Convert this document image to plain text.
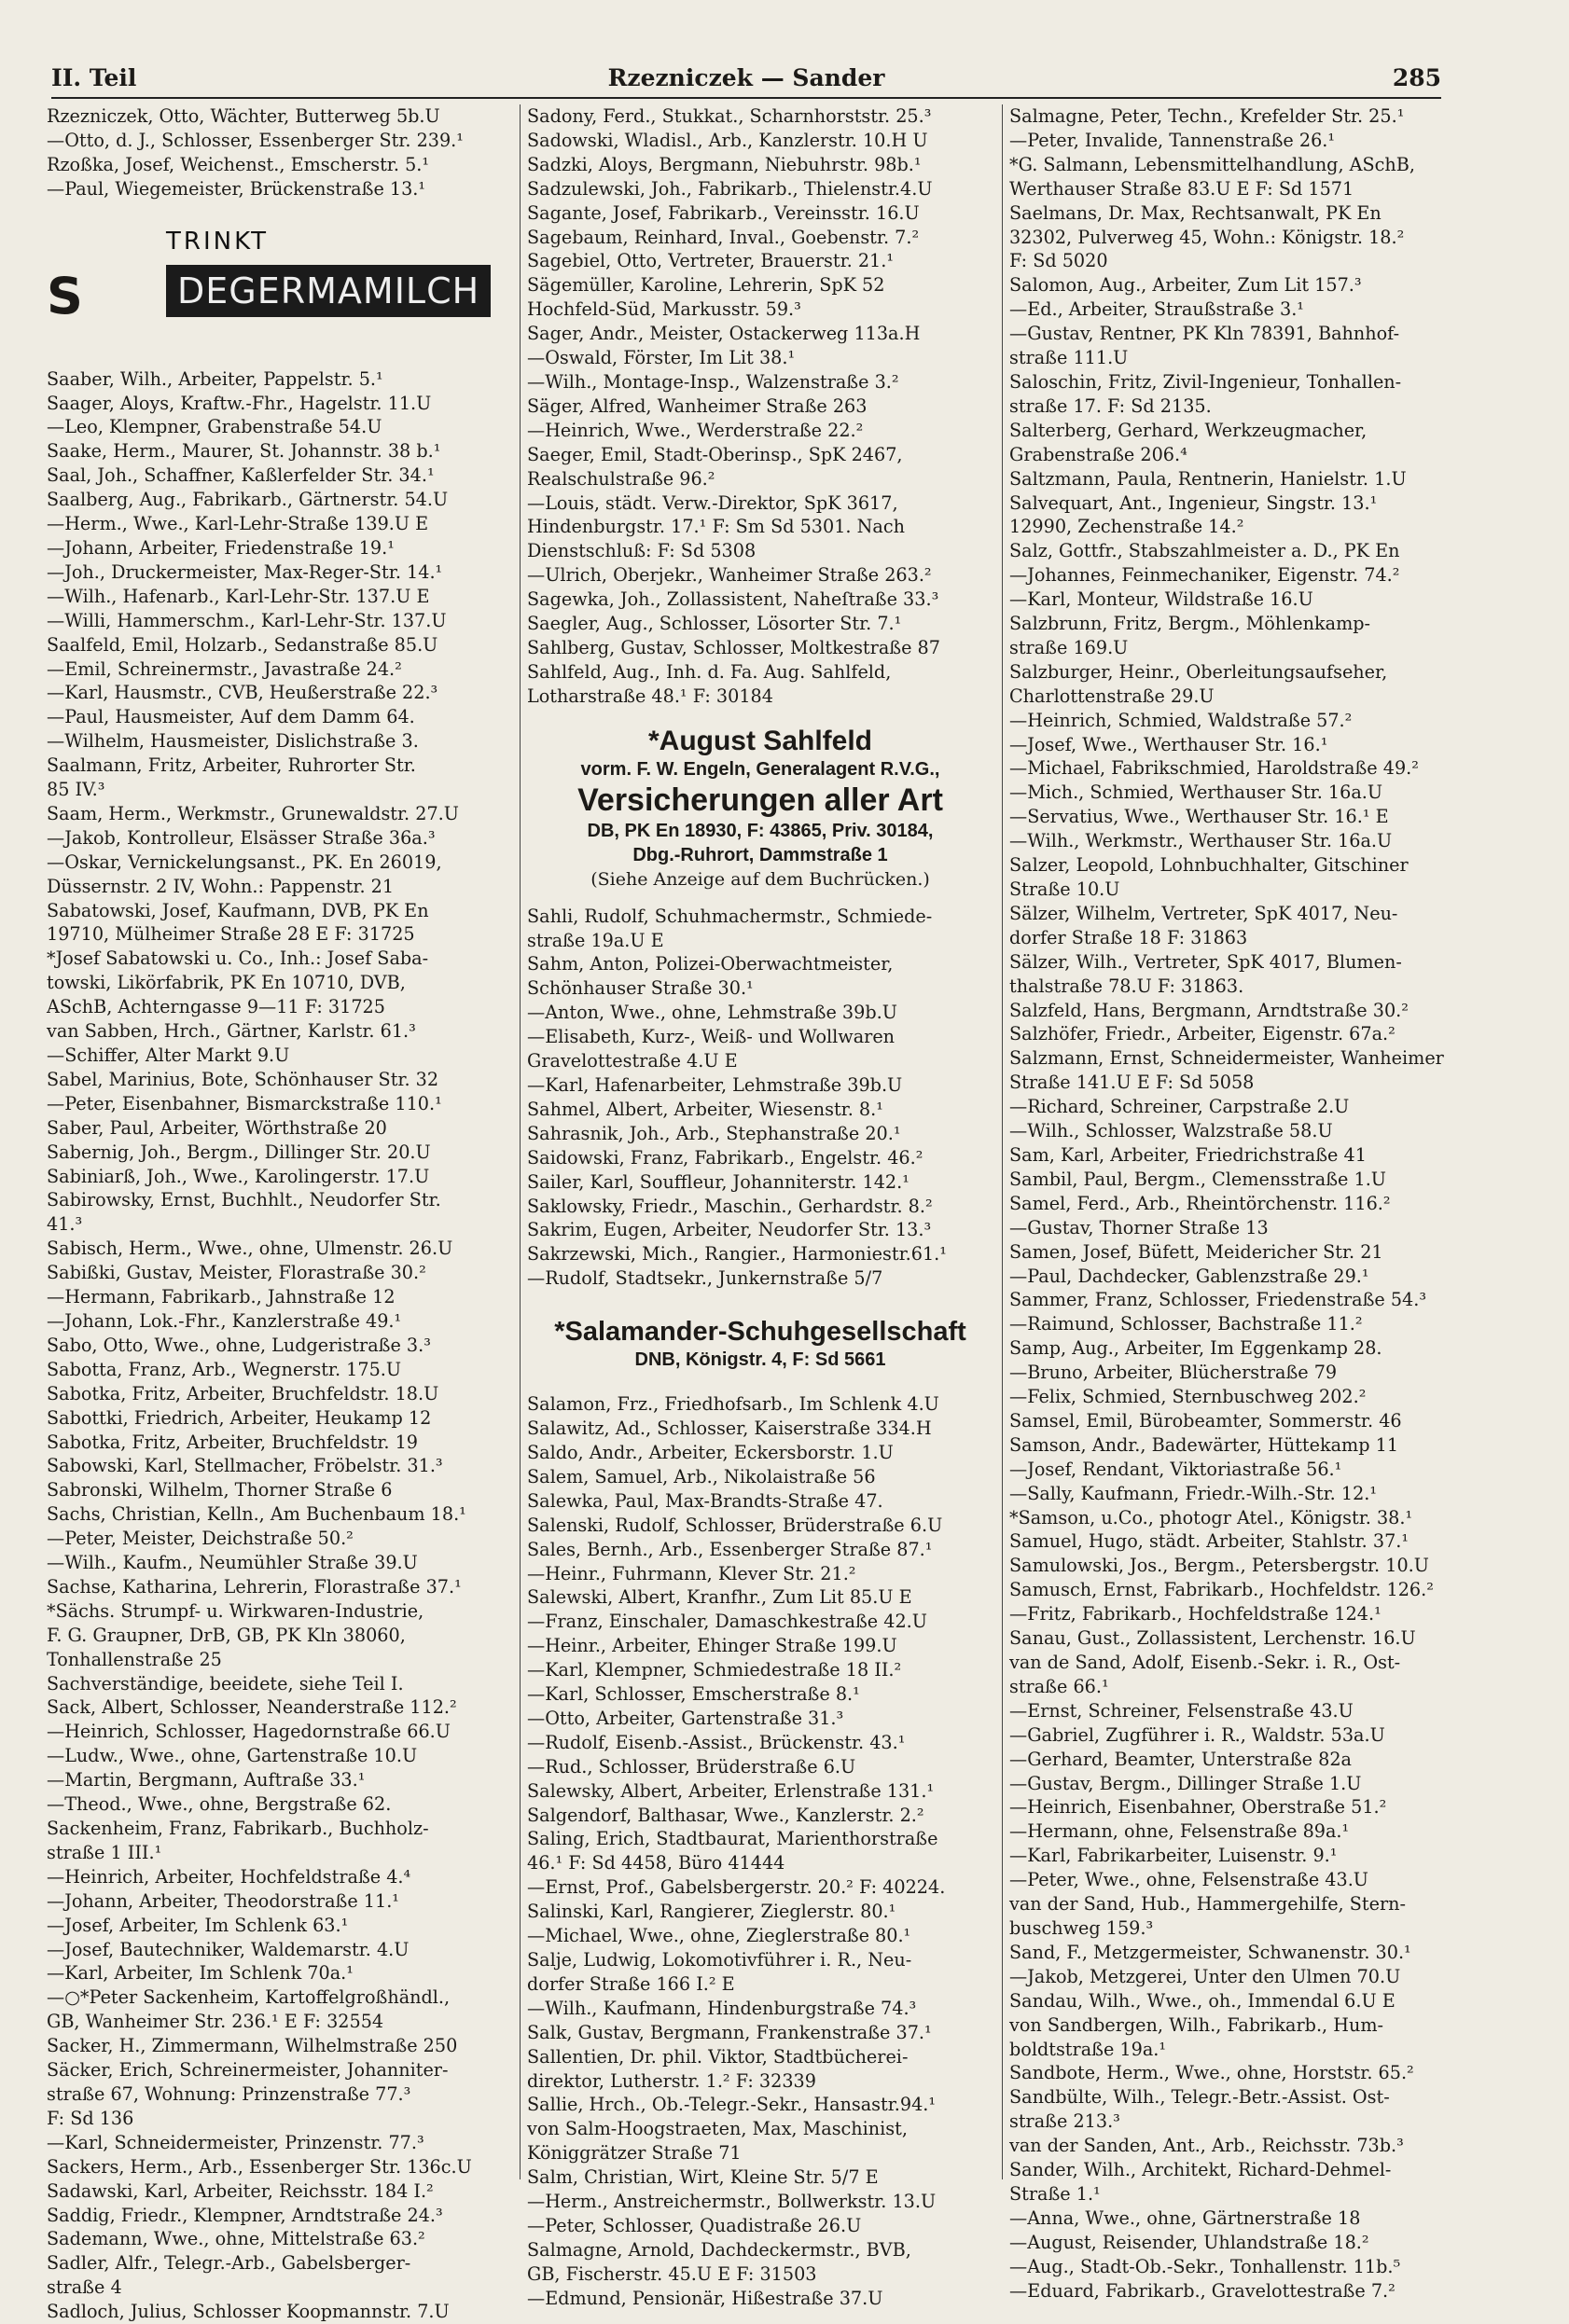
II. Teil	Rzezniczek — Sander	285
Rzezniczek, Otto, Wächter, Butterweg 5b.U
—Otto, d. J., Schlosser, Essenberger Str. 239.¹
Rzoßka, Josef, Weichenst., Emscherstr. 5.¹
—Paul, Wiegemeister, Brückenstraße 13.¹
S
TRINKT
DEGERMAMILCH
Saaber, Wilh., Arbeiter, Pappelstr. 5.¹
Saager, Aloys, Kraftw.-Fhr., Hagelstr. 11.U
—Leo, Klempner, Grabenstraße 54.U
Saake, Herm., Maurer, St. Johannstr. 38 b.¹
Saal, Joh., Schaffner, Kaßlerfelder Str. 34.¹
Saalberg, Aug., Fabrikarb., Gärtnerstr. 54.U
—Herm., Wwe., Karl-Lehr-Straße 139.U E
—Johann, Arbeiter, Friedenstraße 19.¹
—Joh., Druckermeister, Max-Reger-Str. 14.¹
—Wilh., Hafenarb., Karl-Lehr-Str. 137.U E
—Willi, Hammerschm., Karl-Lehr-Str. 137.U
Saalfeld, Emil, Holzarb., Sedanstraße 85.U
—Emil, Schreinermstr., Javastraße 24.²
—Karl, Hausmstr., CVB, Heußerstraße 22.³
—Paul, Hausmeister, Auf dem Damm 64.
—Wilhelm, Hausmeister, Dislichstraße 3.
Saalmann, Fritz, Arbeiter, Ruhrorter Str.
85 IV.³
Saam, Herm., Werkmstr., Grunewaldstr. 27.U
—Jakob, Kontrolleur, Elsässer Straße 36a.³
—Oskar, Vernickelungsanst., PK. En 26019,
Düssernstr. 2 IV, Wohn.: Pappenstr. 21
Sabatowski, Josef, Kaufmann, DVB, PK En
19710, Mülheimer Straße 28 E F: 31725
*Josef Sabatowski u. Co., Inh.: Josef Saba-
towski, Likörfabrik, PK En 10710, DVB,
ASchB, Achterngasse 9—11 F: 31725
van Sabben, Hrch., Gärtner, Karlstr. 61.³
—Schiffer, Alter Markt 9.U
Sabel, Marinius, Bote, Schönhauser Str. 32
—Peter, Eisenbahner, Bismarckstraße 110.¹
Saber, Paul, Arbeiter, Wörthstraße 20
Sabernig, Joh., Bergm., Dillinger Str. 20.U
Sabiniarß, Joh., Wwe., Karolingerstr. 17.U
Sabirowsky, Ernst, Buchhlt., Neudorfer Str.
41.³
Sabisch, Herm., Wwe., ohne, Ulmenstr. 26.U
Sabißki, Gustav, Meister, Florastraße 30.²
—Hermann, Fabrikarb., Jahnstraße 12
—Johann, Lok.-Fhr., Kanzlerstraße 49.¹
Sabo, Otto, Wwe., ohne, Ludgeristraße 3.³
Sabotta, Franz, Arb., Wegnerstr. 175.U
Sabotka, Fritz, Arbeiter, Bruchfeldstr. 18.U
Sabottki, Friedrich, Arbeiter, Heukamp 12
Sabotka, Fritz, Arbeiter, Bruchfeldstr. 19
Sabowski, Karl, Stellmacher, Fröbelstr. 31.³
Sabronski, Wilhelm, Thorner Straße 6
Sachs, Christian, Kelln., Am Buchenbaum 18.¹
—Peter, Meister, Deichstraße 50.²
—Wilh., Kaufm., Neumühler Straße 39.U
Sachse, Katharina, Lehrerin, Florastraße 37.¹
*Sächs. Strumpf- u. Wirkwaren-Industrie,
F. G. Graupner, DrB, GB, PK Kln 38060,
Tonhallenstraße 25
Sachverständige, beeidete, siehe Teil I.
Sack, Albert, Schlosser, Neanderstraße 112.²
—Heinrich, Schlosser, Hagedornstraße 66.U
—Ludw., Wwe., ohne, Gartenstraße 10.U
—Martin, Bergmann, Auftraße 33.¹
—Theod., Wwe., ohne, Bergstraße 62.
Sackenheim, Franz, Fabrikarb., Buchholz-
straße 1 III.¹
—Heinrich, Arbeiter, Hochfeldstraße 4.⁴
—Johann, Arbeiter, Theodorstraße 11.¹
—Josef, Arbeiter, Im Schlenk 63.¹
—Josef, Bautechniker, Waldemarstr. 4.U
—Karl, Arbeiter, Im Schlenk 70a.¹
—○*Peter Sackenheim, Kartoffelgroßhändl.,
GB, Wanheimer Str. 236.¹ E F: 32554
Sacker, H., Zimmermann, Wilhelmstraße 250
Säcker, Erich, Schreinermeister, Johanniter-
straße 67, Wohnung: Prinzenstraße 77.³
F: Sd 136
—Karl, Schneidermeister, Prinzenstr. 77.³
Sackers, Herm., Arb., Essenberger Str. 136c.U
Sadawski, Karl, Arbeiter, Reichsstr. 184 I.²
Saddig, Friedr., Klempner, Arndtstraße 24.³
Sademann, Wwe., ohne, Mittelstraße 63.²
Sadler, Alfr., Telegr.-Arb., Gabelsberger-
straße 4
Sadloch, Julius, Schlosser Koopmannstr. 7.U
Sadony, Ferd., Stukkat., Scharnhorststr. 25.³
Sadowski, Wladisl., Arb., Kanzlerstr. 10.H U
Sadzki, Aloys, Bergmann, Niebuhrstr. 98b.¹
Sadzulewski, Joh., Fabrikarb., Thielenstr.4.U
Sagante, Josef, Fabrikarb., Vereinsstr. 16.U
Sagebaum, Reinhard, Inval., Goebenstr. 7.²
Sagebiel, Otto, Vertreter, Brauerstr. 21.¹
Sägemüller, Karoline, Lehrerin, SpK 52
Hochfeld-Süd, Markusstr. 59.³
Sager, Andr., Meister, Ostackerweg 113a.H
—Oswald, Förster, Im Lit 38.¹
—Wilh., Montage-Insp., Walzenstraße 3.²
Säger, Alfred, Wanheimer Straße 263
—Heinrich, Wwe., Werderstraße 22.²
Saeger, Emil, Stadt-Oberinsp., SpK 2467,
Realschulstraße 96.²
—Louis, städt. Verw.-Direktor, SpK 3617,
Hindenburgstr. 17.¹ F: Sm Sd 5301. Nach
Dienstschluß: F: Sd 5308
—Ulrich, Oberjekr., Wanheimer Straße 263.²
Sagewka, Joh., Zollassistent, Naheſtraße 33.³
Saegler, Aug., Schlosser, Lösorter Str. 7.¹
Sahlberg, Gustav, Schlosser, Moltkestraße 87
Sahlfeld, Aug., Inh. d. Fa. Aug. Sahlfeld,
Lotharstraße 48.¹ F: 30184
*August Sahlfeld
vorm. F. W. Engeln, Generalagent R.V.G.,
Versicherungen aller Art
DB, PK En 18930, F: 43865, Priv. 30184,
Dbg.-Ruhrort, Dammstraße 1
(Siehe Anzeige auf dem Buchrücken.)
Sahli, Rudolf, Schuhmachermstr., Schmiede-
straße 19a.U E
Sahm, Anton, Polizei-Oberwachtmeister,
Schönhauser Straße 30.¹
—Anton, Wwe., ohne, Lehmstraße 39b.U
—Elisabeth, Kurz-, Weiß- und Wollwaren
Gravelottestraße 4.U E
—Karl, Hafenarbeiter, Lehmstraße 39b.U
Sahmel, Albert, Arbeiter, Wiesenstr. 8.¹
Sahrasnik, Joh., Arb., Stephanstraße 20.¹
Saidowski, Franz, Fabrikarb., Engelstr. 46.²
Sailer, Karl, Souffleur, Johanniterstr. 142.¹
Saklowsky, Friedr., Maschin., Gerhardstr. 8.²
Sakrim, Eugen, Arbeiter, Neudorfer Str. 13.³
Sakrzewski, Mich., Rangier., Harmoniestr.61.¹
—Rudolf, Stadtsekr., Junkernstraße 5/7
*Salamander-Schuhgesellschaft
DNB, Königstr. 4, F: Sd 5661
Salamon, Frz., Friedhofsarb., Im Schlenk 4.U
Salawitz, Ad., Schlosser, Kaiserstraße 334.H
Saldo, Andr., Arbeiter, Eckersborstr. 1.U
Salem, Samuel, Arb., Nikolaistraße 56
Salewka, Paul, Max-Brandts-Straße 47.
Salenski, Rudolf, Schlosser, Brüderstraße 6.U
Sales, Bernh., Arb., Essenberger Straße 87.¹
—Heinr., Fuhrmann, Klever Str. 21.²
Salewski, Albert, Kranfhr., Zum Lit 85.U E
—Franz, Einschaler, Damaschkestraße 42.U
—Heinr., Arbeiter, Ehinger Straße 199.U
—Karl, Klempner, Schmiedestraße 18 II.²
—Karl, Schlosser, Emscherstraße 8.¹
—Otto, Arbeiter, Gartenstraße 31.³
—Rudolf, Eisenb.-Assist., Brückenstr. 43.¹
—Rud., Schlosser, Brüderstraße 6.U
Salewsky, Albert, Arbeiter, Erlenstraße 131.¹
Salgendorf, Balthasar, Wwe., Kanzlerstr. 2.²
Saling, Erich, Stadtbaurat, Marienthorstraße
46.¹ F: Sd 4458, Büro 41444
—Ernst, Prof., Gabelsbergerstr. 20.² F: 40224.
Salinski, Karl, Rangierer, Zieglerstr. 80.¹
—Michael, Wwe., ohne, Zieglerstraße 80.¹
Salje, Ludwig, Lokomotivführer i. R., Neu-
dorfer Straße 166 I.² E
—Wilh., Kaufmann, Hindenburgstraße 74.³
Salk, Gustav, Bergmann, Frankenstraße 37.¹
Sallentien, Dr. phil. Viktor, Stadtbücherei-
direktor, Lutherstr. 1.² F: 32339
Sallie, Hrch., Ob.-Telegr.-Sekr., Hansastr.94.¹
von Salm-Hoogstraeten, Max, Maschinist,
Königgrätzer Straße 71
Salm, Christian, Wirt, Kleine Str. 5/7 E
—Herm., Anstreichermstr., Bollwerkstr. 13.U
—Peter, Schlosser, Quadistraße 26.U
Salmagne, Arnold, Dachdeckermstr., BVB,
GB, Fischerstr. 45.U E F: 31503
—Edmund, Pensionär, Hißestraße 37.U
Salmagne, Peter, Techn., Krefelder Str. 25.¹
—Peter, Invalide, Tannenstraße 26.¹
*G. Salmann, Lebensmittelhandlung, ASchB,
Werthauser Straße 83.U E F: Sd 1571
Saelmans, Dr. Max, Rechtsanwalt, PK En
32302, Pulverweg 45, Wohn.: Königstr. 18.²
F: Sd 5020
Salomon, Aug., Arbeiter, Zum Lit 157.³
—Ed., Arbeiter, Straußstraße 3.¹
—Gustav, Rentner, PK Kln 78391, Bahnhof-
straße 111.U
Saloschin, Fritz, Zivil-Ingenieur, Tonhallen-
straße 17. F: Sd 2135.
Salterberg, Gerhard, Werkzeugmacher,
Grabenstraße 206.⁴
Saltzmann, Paula, Rentnerin, Hanielstr. 1.U
Salvequart, Ant., Ingenieur, Singstr. 13.¹
12990, Zechenstraße 14.²
Salz, Gottfr., Stabszahlmeister a. D., PK En
—Johannes, Feinmechaniker, Eigenstr. 74.²
—Karl, Monteur, Wildstraße 16.U
Salzbrunn, Fritz, Bergm., Möhlenkamp-
straße 169.U
Salzburger, Heinr., Oberleitungsaufseher,
Charlottenstraße 29.U
—Heinrich, Schmied, Waldstraße 57.²
—Josef, Wwe., Werthauser Str. 16.¹
—Michael, Fabrikschmied, Haroldstraße 49.²
—Mich., Schmied, Werthauser Str. 16a.U
—Servatius, Wwe., Werthauser Str. 16.¹ E
—Wilh., Werkmstr., Werthauser Str. 16a.U
Salzer, Leopold, Lohnbuchhalter, Gitschiner
Straße 10.U
Sälzer, Wilhelm, Vertreter, SpK 4017, Neu-
dorfer Straße 18 F: 31863
Sälzer, Wilh., Vertreter, SpK 4017, Blumen-
thalstraße 78.U F: 31863.
Salzfeld, Hans, Bergmann, Arndtstraße 30.²
Salzhöfer, Friedr., Arbeiter, Eigenstr. 67a.²
Salzmann, Ernst, Schneidermeister, Wanheimer
Straße 141.U E F: Sd 5058
—Richard, Schreiner, Carpstraße 2.U
—Wilh., Schlosser, Walzstraße 58.U
Sam, Karl, Arbeiter, Friedrichstraße 41
Sambil, Paul, Bergm., Clemensstraße 1.U
Samel, Ferd., Arb., Rheintörchenstr. 116.²
—Gustav, Thorner Straße 13
Samen, Josef, Büfett, Meidericher Str. 21
—Paul, Dachdecker, Gablenzstraße 29.¹
Sammer, Franz, Schlosser, Friedenstraße 54.³
—Raimund, Schlosser, Bachstraße 11.²
Samp, Aug., Arbeiter, Im Eggenkamp 28.
—Bruno, Arbeiter, Blücherstraße 79
—Felix, Schmied, Sternbuschweg 202.²
Samsel, Emil, Bürobeamter, Sommerstr. 46
Samson, Andr., Badewärter, Hüttekamp 11
—Josef, Rendant, Viktoriastraße 56.¹
—Sally, Kaufmann, Friedr.-Wilh.-Str. 12.¹
*Samson, u.Co., photogr Atel., Königstr. 38.¹
Samuel, Hugo, städt. Arbeiter, Stahlstr. 37.¹
Samulowski, Jos., Bergm., Petersbergstr. 10.U
Samusch, Ernst, Fabrikarb., Hochfeldstr. 126.²
—Fritz, Fabrikarb., Hochfeldstraße 124.¹
Sanau, Gust., Zollassistent, Lerchenstr. 16.U
van de Sand, Adolf, Eisenb.-Sekr. i. R., Ost-
straße 66.¹
—Ernst, Schreiner, Felsenstraße 43.U
—Gabriel, Zugführer i. R., Waldstr. 53a.U
—Gerhard, Beamter, Unterstraße 82a
—Gustav, Bergm., Dillinger Straße 1.U
—Heinrich, Eisenbahner, Oberstraße 51.²
—Hermann, ohne, Felsenstraße 89a.¹
—Karl, Fabrikarbeiter, Luisenstr. 9.¹
—Peter, Wwe., ohne, Felsenstraße 43.U
van der Sand, Hub., Hammergehilfe, Stern-
buschweg 159.³
Sand, F., Metzgermeister, Schwanenstr. 30.¹
—Jakob, Metzgerei, Unter den Ulmen 70.U
Sandau, Wilh., Wwe., oh., Immendal 6.U E
von Sandbergen, Wilh., Fabrikarb., Hum-
boldtstraße 19a.¹
Sandbote, Herm., Wwe., ohne, Horststr. 65.²
Sandbülte, Wilh., Telegr.-Betr.-Assist. Ost-
straße 213.³
van der Sanden, Ant., Arb., Reichsstr. 73b.³
Sander, Wilh., Architekt, Richard-Dehmel-
Straße 1.¹
—Anna, Wwe., ohne, Gärtnerstraße 18
—August, Reisender, Uhlandstraße 18.²
—Aug., Stadt-Ob.-Sekr., Tonhallenstr. 11b.⁵
—Eduard, Fabrikarb., Gravelottestraße 7.²
